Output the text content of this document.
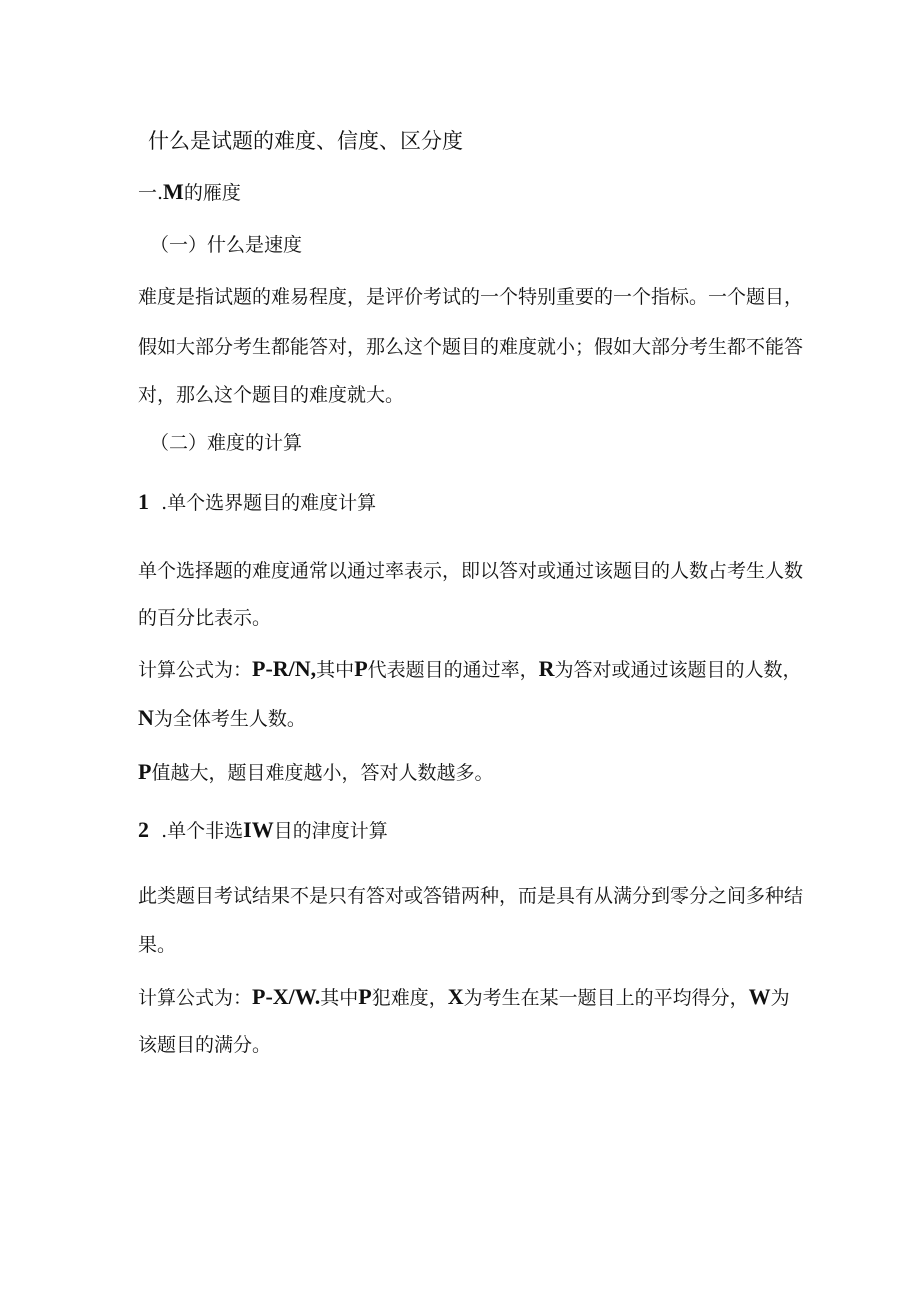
什么是试题的难度、信度、区分度
一.M的雁度
（一）什么是速度
难度是指试题的难易程度，是评价考试的一个特别重要的一个指标。一个题目，
假如大部分考生都能答对，那么这个题目的难度就小；假如大部分考生都不能答
对，那么这个题目的难度就大。
（二）难度的计算
1 .单个选界题目的难度计算
单个选择题的难度通常以通过率表示，即以答对或通过该题目的人数占考生人数
的百分比表示。
计算公式为：P-R/N,其中P代表题目的通过率，R为答对或通过该题目的人数，
N为全体考生人数。
P值越大，题目难度越小，答对人数越多。
2 .单个非选IW目的津度计算
此类题目考试结果不是只有答对或答错两种，而是具有从满分到零分之间多种结
果。
计算公式为：P-X/W.其中P犯难度，X为考生在某一题目上的平均得分，W为
该题目的满分。
